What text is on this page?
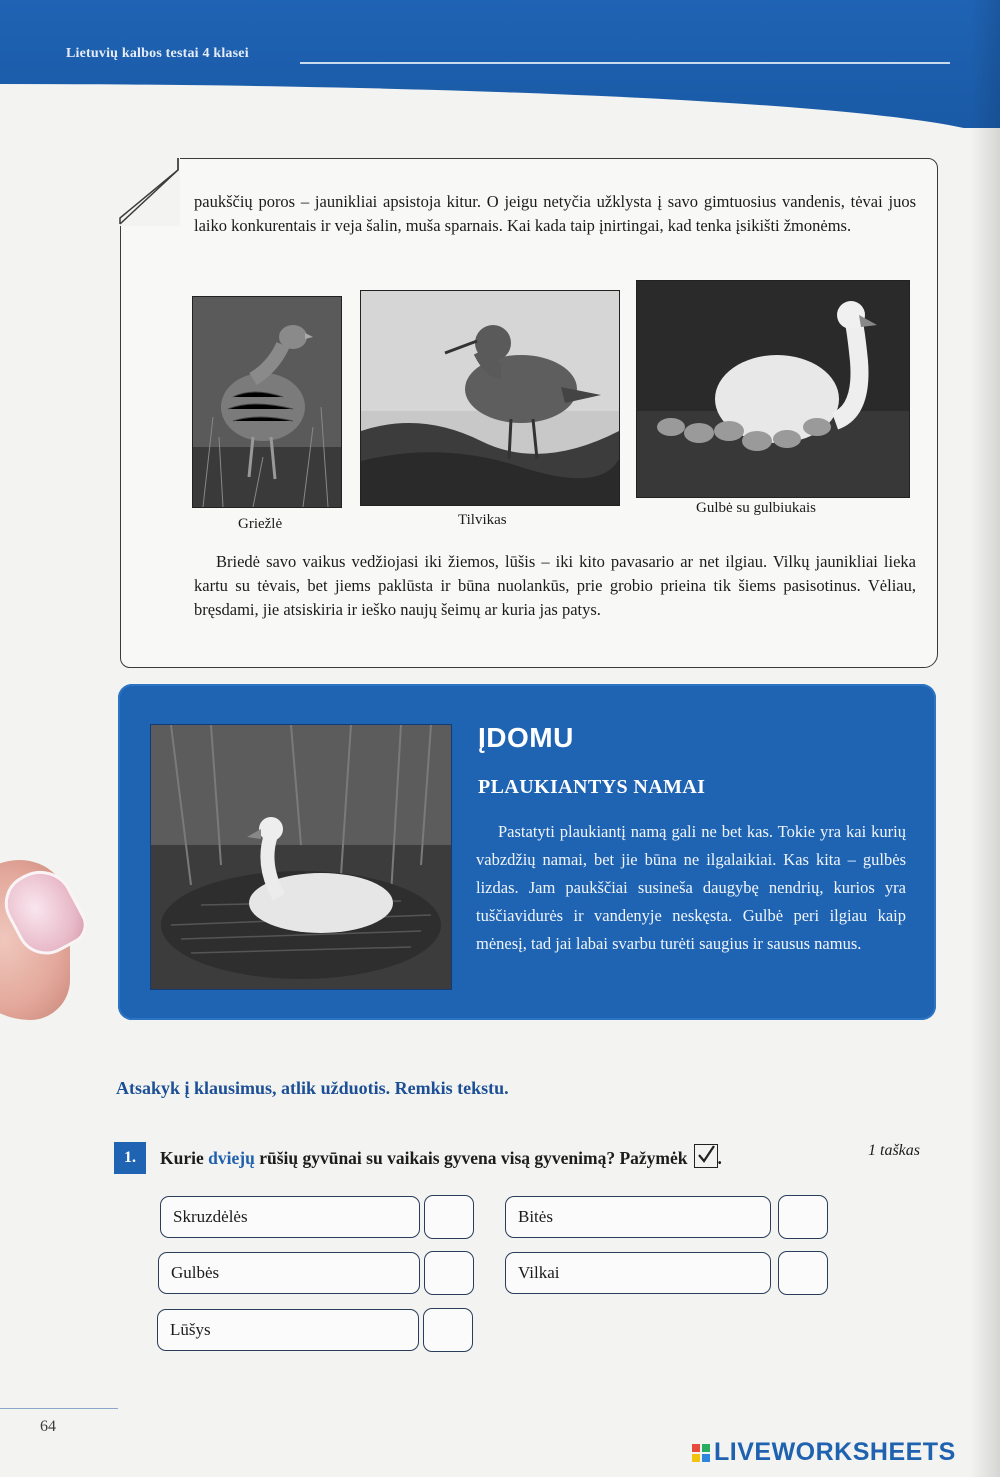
Lietuvių kalbos testai 4 klasei
paukščių poros – jaunikliai apsistoja kitur. O jeigu netyčia užklysta į savo gimtuosius vandenis, tėvai juos laiko konkurentais ir veja šalin, muša sparnais. Kai kada taip įnirtingai, kad tenka įsikišti žmonėms.
Griežlė	Tilvikas
Gulbė su gulbiukais
Briedė savo vaikus vedžiojasi iki žiemos, lūšis – iki kito pavasario ar net ilgiau. Vilkų jaunikliai lieka kartu su tėvais, bet jiems paklūsta ir būna nuolankūs, prie grobio prieina tik šiems pasisotinus. Vėliau, bręsdami, jie atsiskiria ir ieško naujų šeimų ar kuria jas patys.
ĮDOMU
PLAUKIANTYS NAMAI
Pastatyti plaukiantį namą gali ne bet kas. Tokie yra kai kurių vabzdžių namai, bet jie būna ne ilgalaikiai. Kas kita – gulbės lizdas. Jam paukščiai susineša daugybę nendrių, kurios yra tuščiavidurės ir vandenyje neskęsta. Gulbė peri ilgiau kaip mėnesį, tad jai labai svarbu turėti saugius ir sausus namus.
Atsakyk į klausimus, atlik užduotis. Remkis tekstu.
1.	Kurie dviejų rūšių gyvūnai su vaikais gyvena visą gyvenimą? Pažymėk .	1 taškas
Skruzdėlės	Bitės
Gulbės	Vilkai
Lūšys
64
LIVEWORKSHEETS
